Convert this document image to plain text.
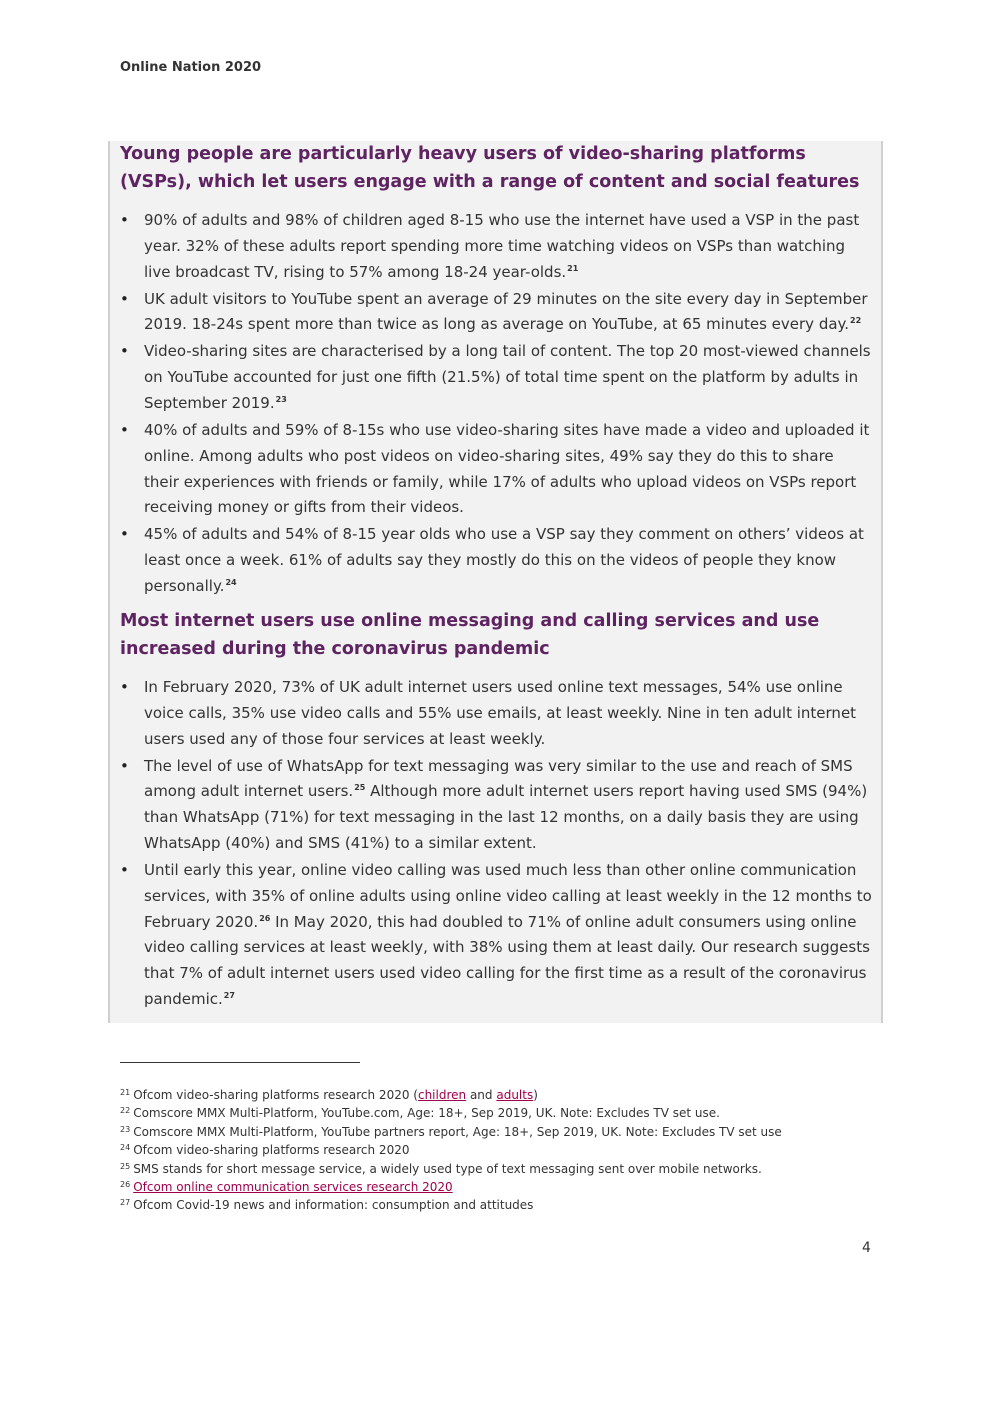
Online Nation 2020
Young people are particularly heavy users of video-sharing platforms (VSPs), which let users engage with a range of content and social features
• 90% of adults and 98% of children aged 8-15 who use the internet have used a VSP in the past year. 32% of these adults report spending more time watching videos on VSPs than watching live broadcast TV, rising to 57% among 18-24 year-olds.$^{21}$
• UK adult visitors to YouTube spent an average of 29 minutes on the site every day in September 2019. 18-24s spent more than twice as long as average on YouTube, at 65 minutes every day.$^{22}$
• Video-sharing sites are characterised by a long tail of content. The top 20 most-viewed channels on YouTube accounted for just one fifth (21.5%) of total time spent on the platform by adults in September 2019.23
• 40% of adults and 59% of 8-15s who use video-sharing sites have made a video and uploaded it online. Among adults who post videos on video-sharing sites, 49% say they do this to share their experiences with friends or family, while 17% of adults who upload videos on VSPs report receiving money or gifts from their videos.
• 45% of adults and 54% of 8-15 year olds who use a VSP say they comment on others’ videos at least once a week. 61% of adults say they mostly do this on the videos of people they know personally.$^{24}$
Most internet users use online messaging and calling services and use increased during the coronavirus pandemic
• In February 2020, 73% of UK adult internet users used online text messages, 54% use online voice calls, 35% use video calls and 55% use emails, at least weekly. Nine in ten adult internet users used any of those four services at least weekly.
• The level of use of WhatsApp for text messaging was very similar to the use and reach of SMS among adult internet users.$^{25}$ Although more adult internet users report having used SMS (94%) than WhatsApp (71%) for text messaging in the last 12 months, on a daily basis they are using WhatsApp (40%) and SMS (41%) to a similar extent.
• Until early this year, online video calling was used much less than other online communication services, with 35% of online adults using online video calling at least weekly in the 12 months to February 2020.26 In May 2020, this had doubled to 71% of online adult consumers using online video calling services at least weekly, with 38% using them at least daily. Our research suggests that 7% of adult internet users used video calling for the first time as a result of the coronavirus pandemic.$^{27}$
$^{21}$ Ofcom video-sharing platforms research 2020 (children and adults)
$^{22}$ Comscore MMX Multi-Platform, YouTube.com, Age: 18+, Sep 2019, UK. Note: Excludes TV set use.
$^{23}$ Comscore MMX Multi-Platform, YouTube partners report, Age: 18+, Sep 2019, UK. Note: Excludes TV set use
$^{24}$ Ofcom video-sharing platforms research 2020
$^{25}$ SMS stands for short message service, a widely used type of text messaging sent over mobile networks.
$^{26}$ Ofcom online communication services research 2020
$^{27}$ Ofcom Covid-19 news and information: consumption and attitudes
4
